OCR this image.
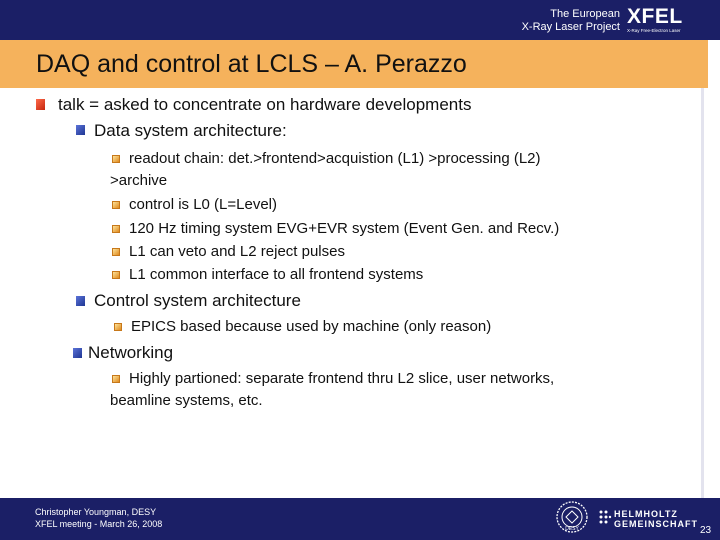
The European
X-Ray Laser Project XFEL
X-Ray Free-Electron Laser
DAQ and control at LCLS – A. Perazzo
talk = asked to concentrate on hardware developments
Data system architecture:
readout chain: det.>frontend>acquistion (L1) >processing (L2)
>archive
control is L0 (L=Level)
120 Hz timing system EVG+EVR system (Event Gen. and Recv.)
L1 can veto and L2 reject pulses
L1 common interface to all frontend systems
Control system architecture
EPICS based because used by machine (only reason)
Networking
Highly partioned: separate frontend thru L2 slice, user networks,
beamline systems, etc.
Christopher Youngman, DESY
XFEL meeting - March 26, 2008	DESY
HELMHOLTZ
GEMEINSCHAFT
23
